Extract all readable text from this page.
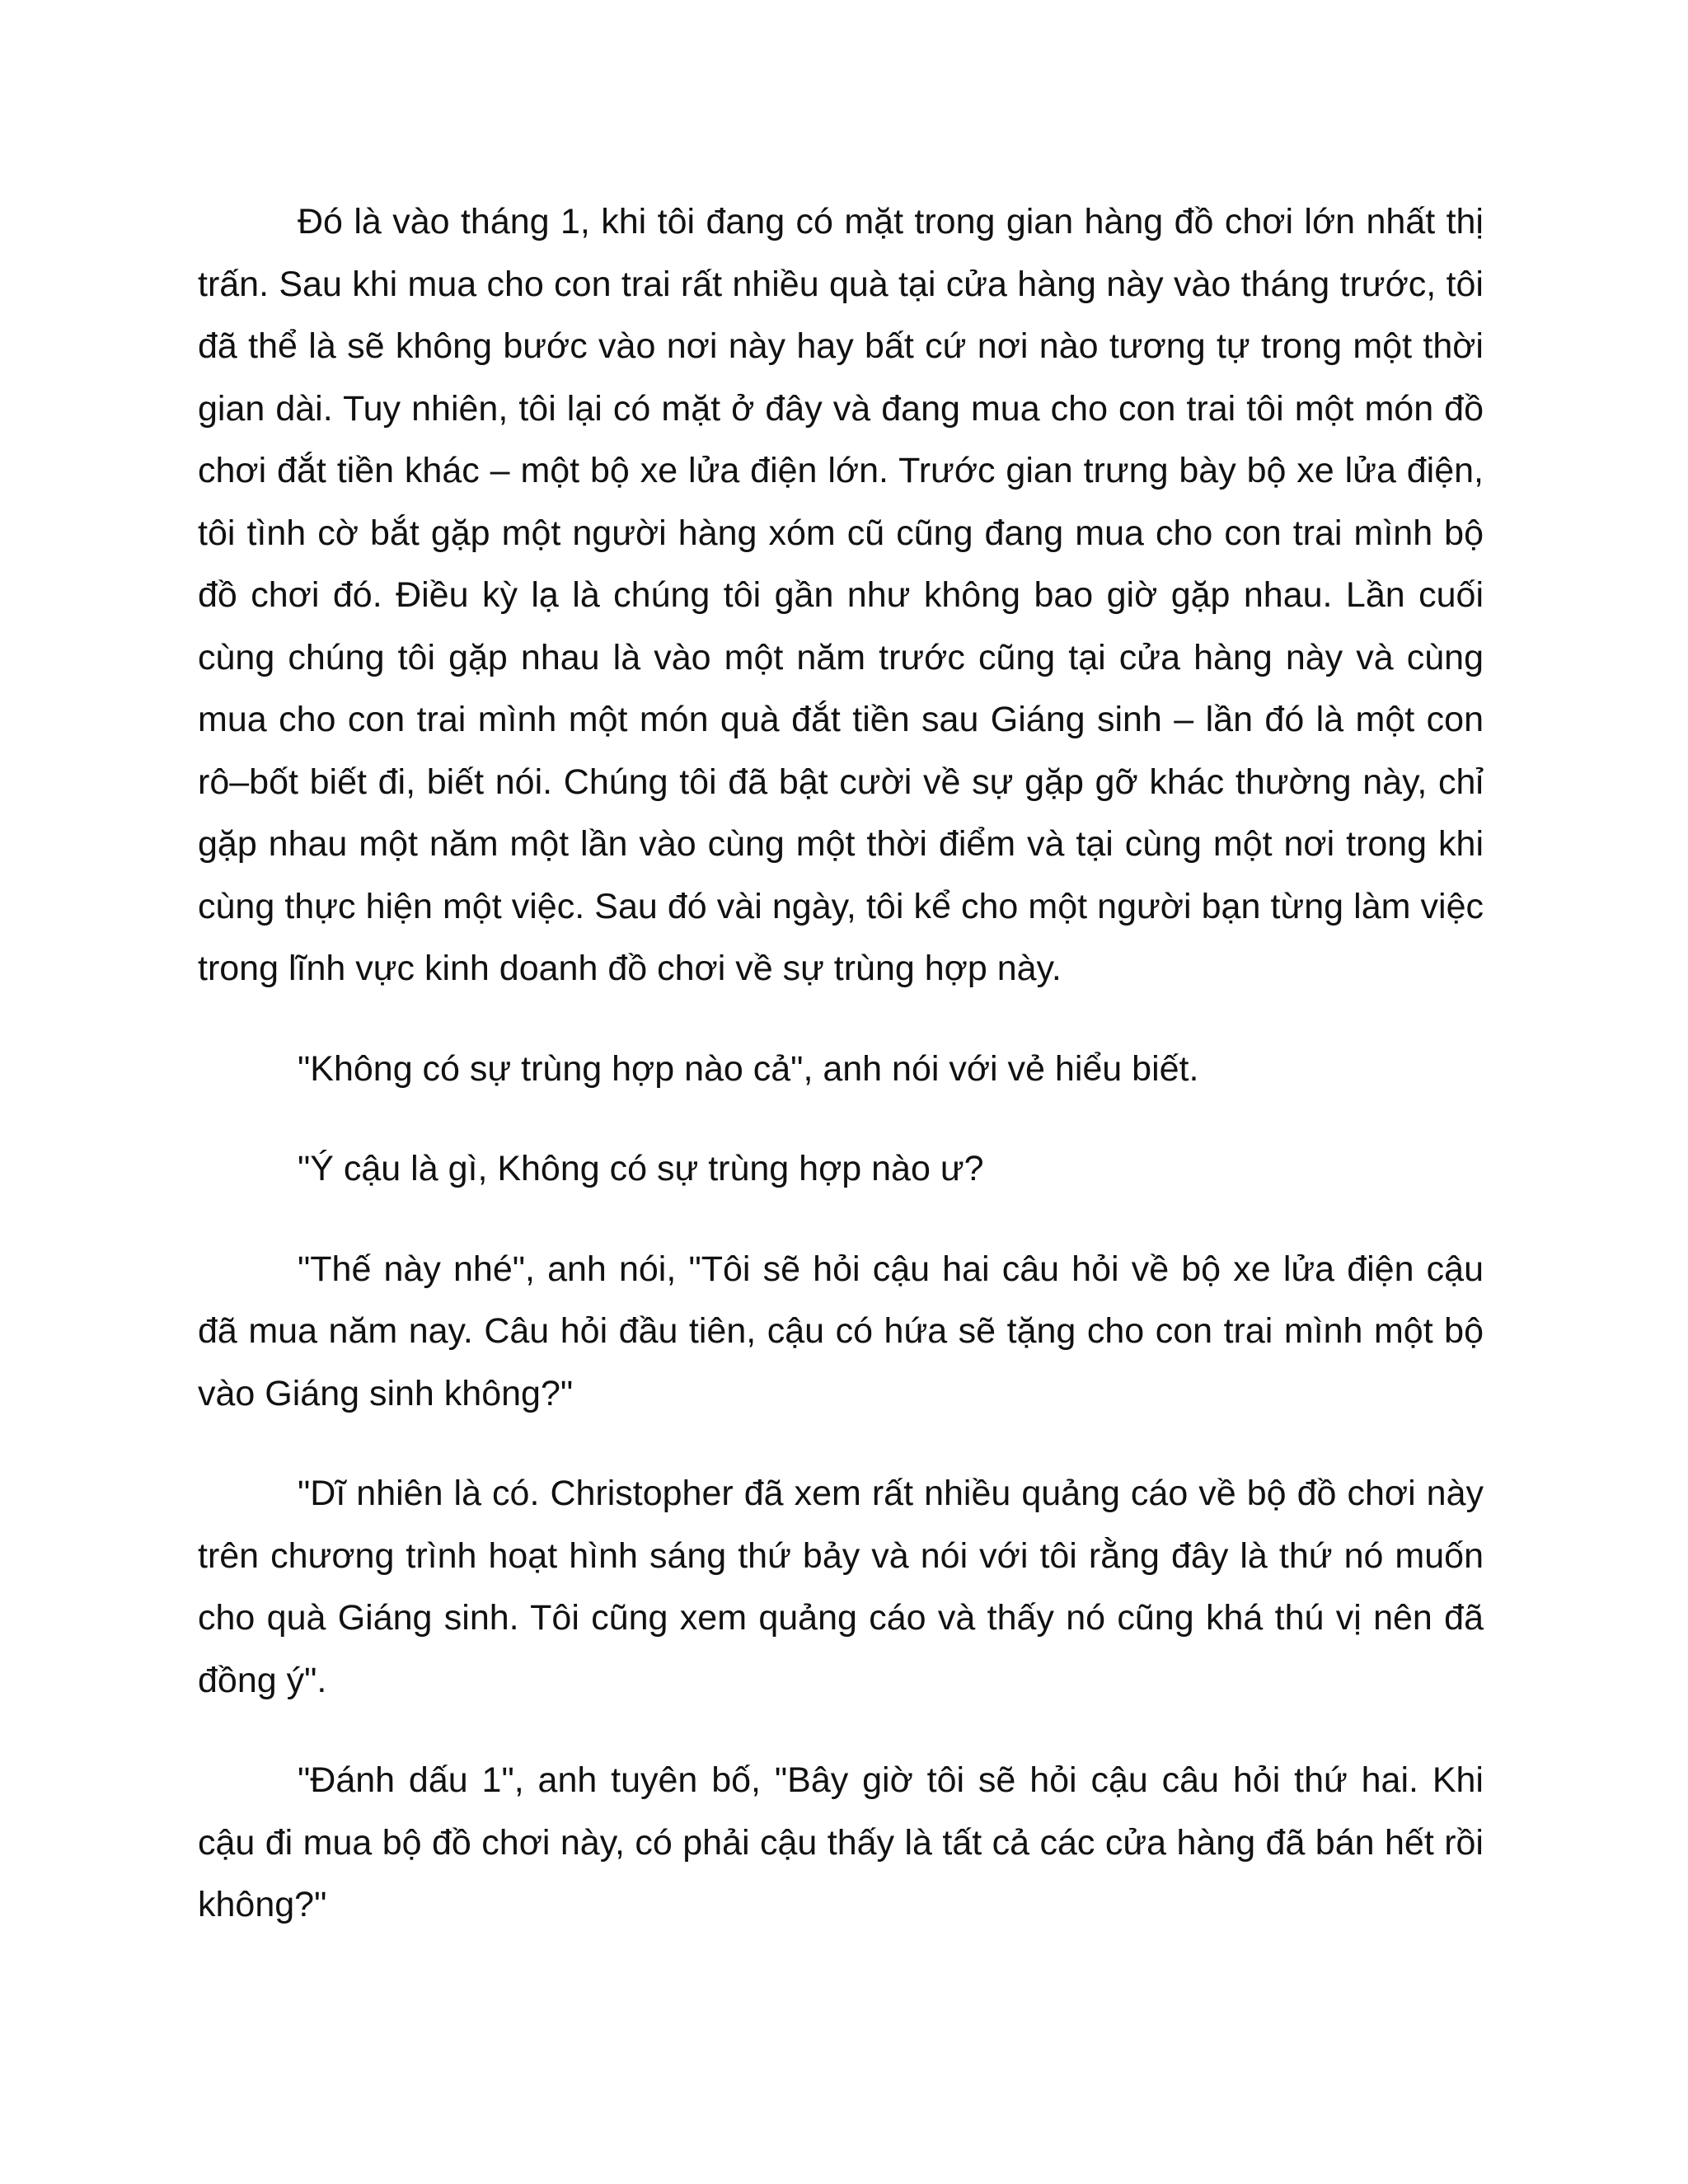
Đó là vào tháng 1, khi tôi đang có mặt trong gian hàng đồ chơi lớn nhất thị trấn. Sau khi mua cho con trai rất nhiều quà tại cửa hàng này vào tháng trước, tôi đã thể là sẽ không bước vào nơi này hay bất cứ nơi nào tương tự trong một thời gian dài. Tuy nhiên, tôi lại có mặt ở đây và đang mua cho con trai tôi một món đồ chơi đắt tiền khác – một bộ xe lửa điện lớn. Trước gian trưng bày bộ xe lửa điện, tôi tình cờ bắt gặp một người hàng xóm cũ cũng đang mua cho con trai mình bộ đồ chơi đó. Điều kỳ lạ là chúng tôi gần như không bao giờ gặp nhau. Lần cuối cùng chúng tôi gặp nhau là vào một năm trước cũng tại cửa hàng này và cùng mua cho con trai mình một món quà đắt tiền sau Giáng sinh – lần đó là một con rô–bốt biết đi, biết nói. Chúng tôi đã bật cười về sự gặp gỡ khác thường này, chỉ gặp nhau một năm một lần vào cùng một thời điểm và tại cùng một nơi trong khi cùng thực hiện một việc. Sau đó vài ngày, tôi kể cho một người bạn từng làm việc trong lĩnh vực kinh doanh đồ chơi về sự trùng hợp này.

"Không có sự trùng hợp nào cả", anh nói với vẻ hiểu biết.

"Ý cậu là gì, Không có sự trùng hợp nào ư?

"Thế này nhé", anh nói, "Tôi sẽ hỏi cậu hai câu hỏi về bộ xe lửa điện cậu đã mua năm nay. Câu hỏi đầu tiên, cậu có hứa sẽ tặng cho con trai mình một bộ vào Giáng sinh không?"

"Dĩ nhiên là có. Christopher đã xem rất nhiều quảng cáo về bộ đồ chơi này trên chương trình hoạt hình sáng thứ bảy và nói với tôi rằng đây là thứ nó muốn cho quà Giáng sinh. Tôi cũng xem quảng cáo và thấy nó cũng khá thú vị nên đã đồng ý".

"Đánh dấu 1", anh tuyên bố, "Bây giờ tôi sẽ hỏi cậu câu hỏi thứ hai. Khi cậu đi mua bộ đồ chơi này, có phải cậu thấy là tất cả các cửa hàng đã bán hết rồi không?"
